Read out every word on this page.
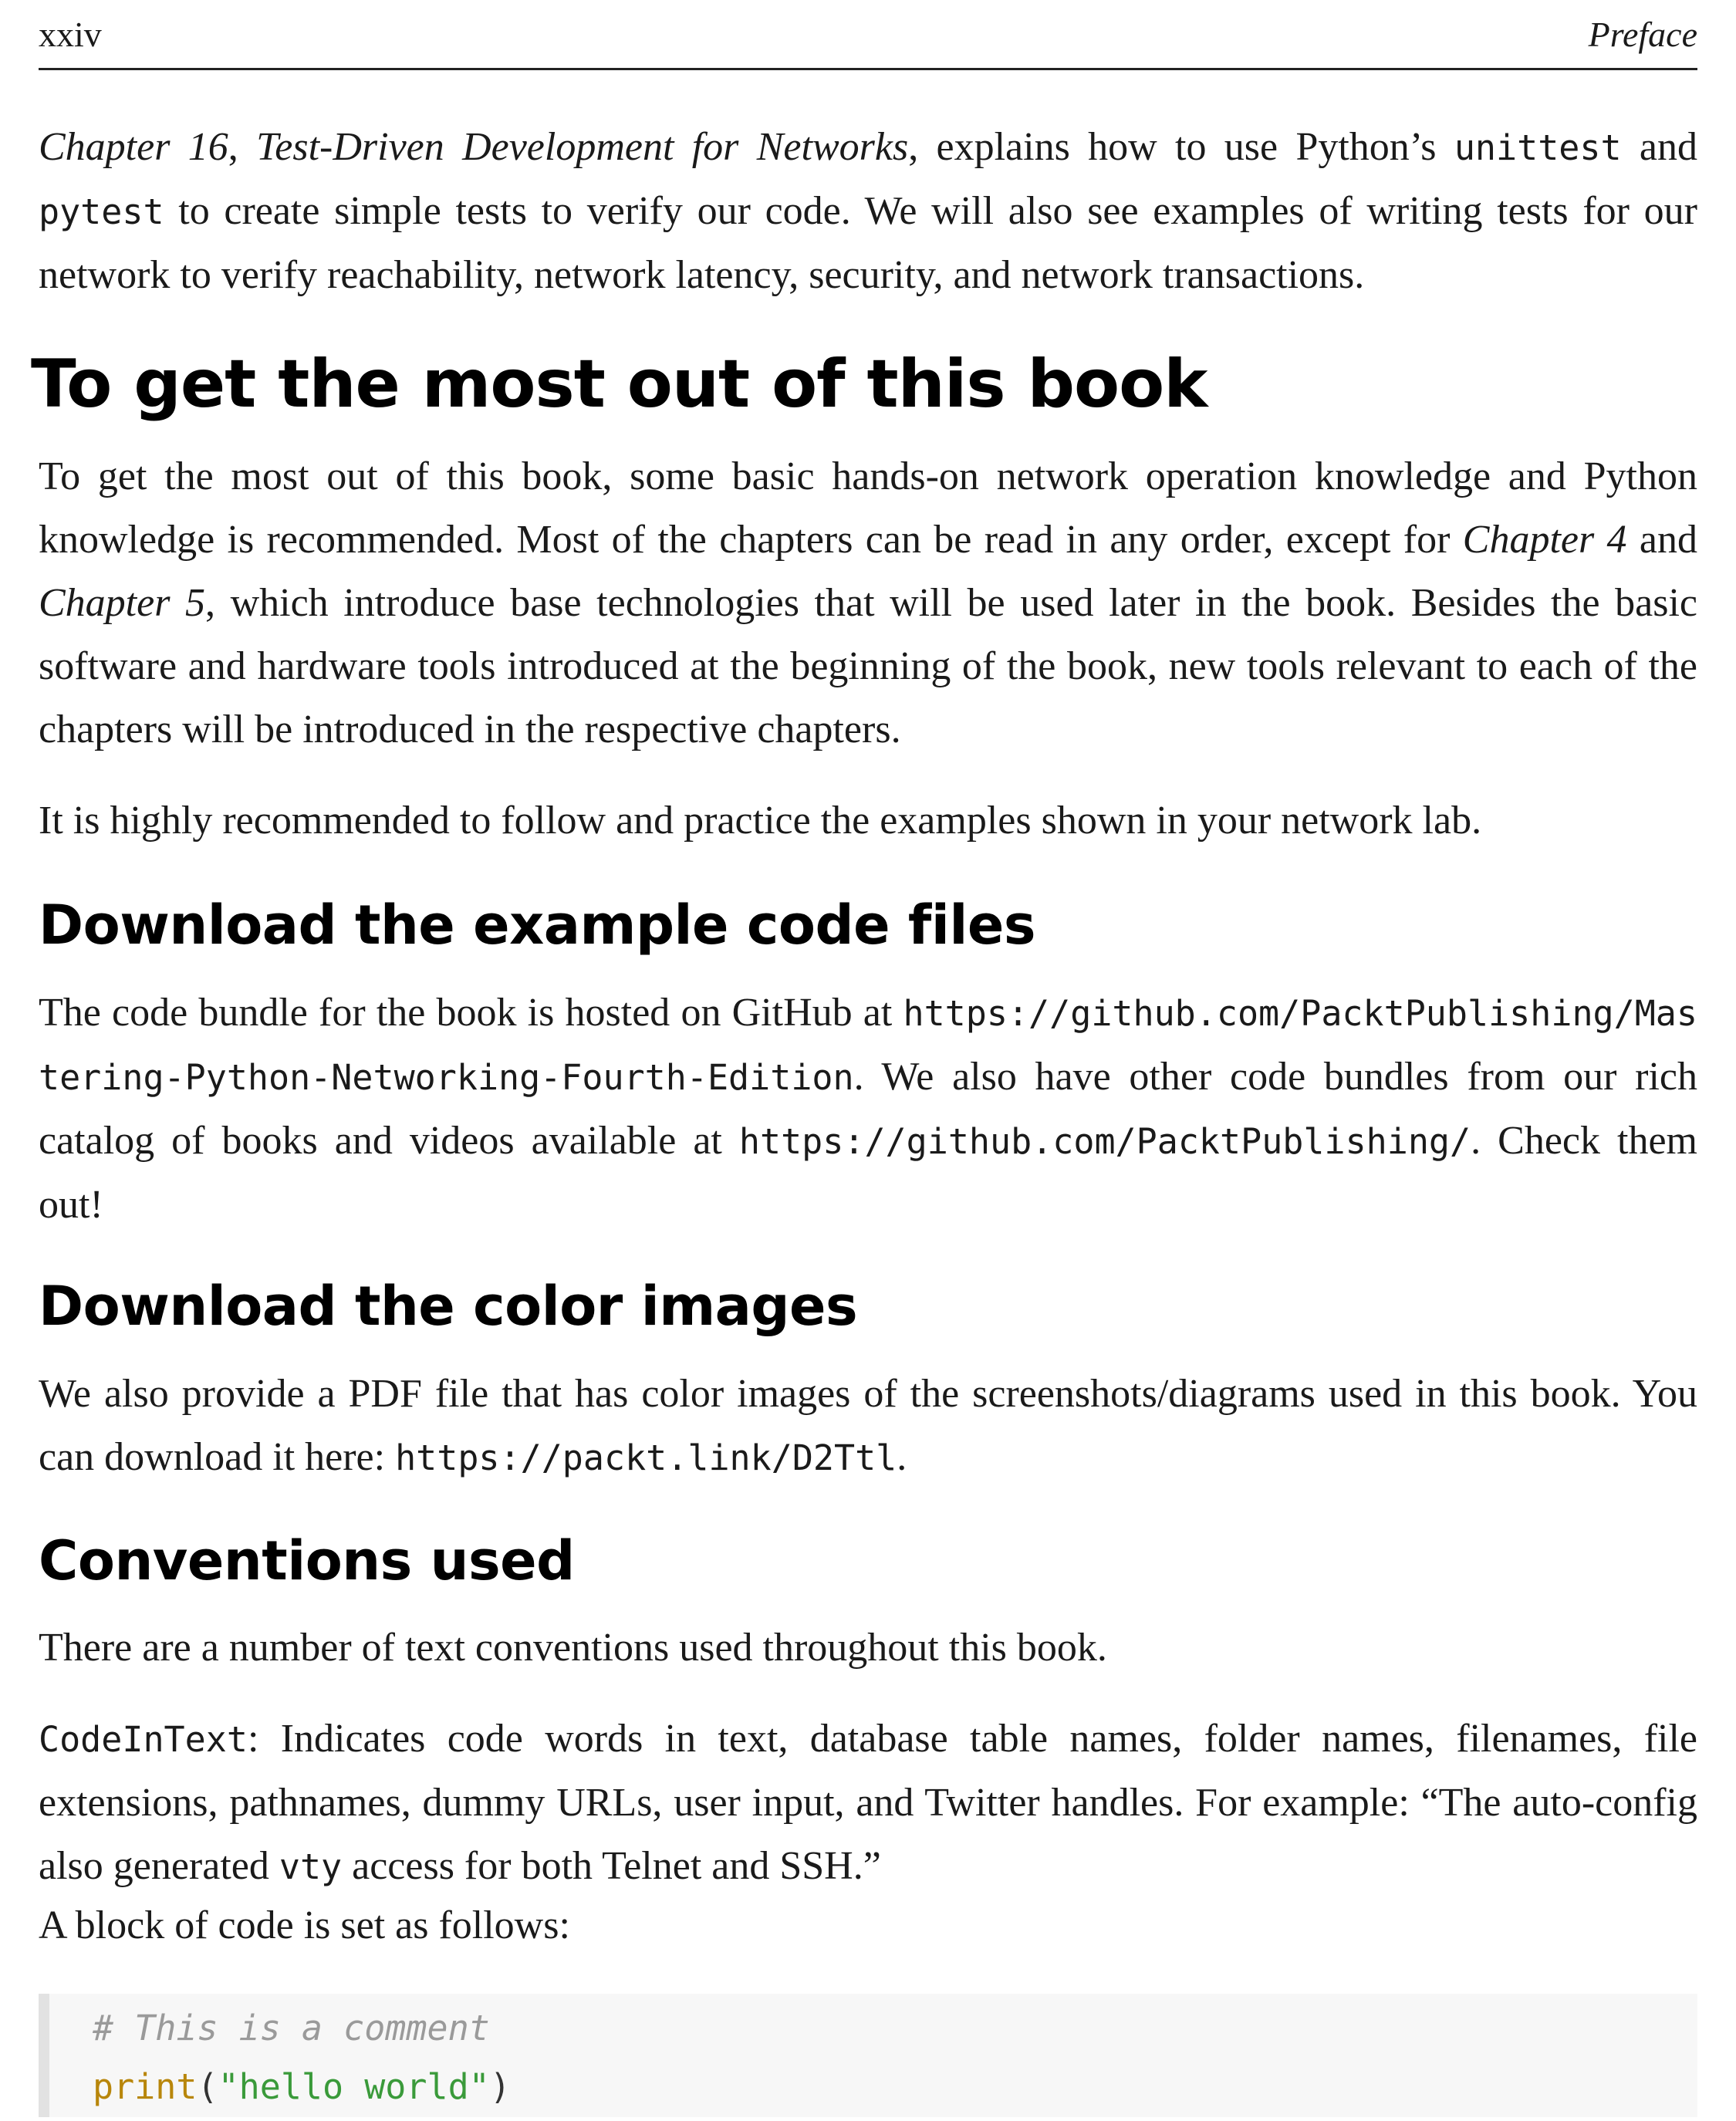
xxiv	Preface

Chapter 16, Test-Driven Development for Networks, explains how to use Python’s unittest and pytest to create simple tests to verify our code. We will also see examples of writing tests for our network to verify reachability, network latency, security, and network transactions.

To get the most out of this book

To get the most out of this book, some basic hands-on network operation knowledge and Python knowledge is recommended. Most of the chapters can be read in any order, except for Chapter 4 and Chapter 5, which introduce base technologies that will be used later in the book. Besides the basic software and hardware tools introduced at the beginning of the book, new tools relevant to each of the chapters will be introduced in the respective chapters.

It is highly recommended to follow and practice the examples shown in your network lab.

Download the example code files

The code bundle for the book is hosted on GitHub at https://github.com/PacktPublishing/Mastering-Python-Networking-Fourth-Edition. We also have other code bundles from our rich catalog of books and videos available at https://github.com/PacktPublishing/. Check them out!

Download the color images

We also provide a PDF file that has color images of the screenshots/diagrams used in this book. You can download it here: https://packt.link/D2Ttl.

Conventions used

There are a number of text conventions used throughout this book.

CodeInText: Indicates code words in text, database table names, folder names, filenames, file extensions, pathnames, dummy URLs, user input, and Twitter handles. For example: “The auto-config also generated vty access for both Telnet and SSH.”

A block of code is set as follows:

# This is a comment
print("hello world")
